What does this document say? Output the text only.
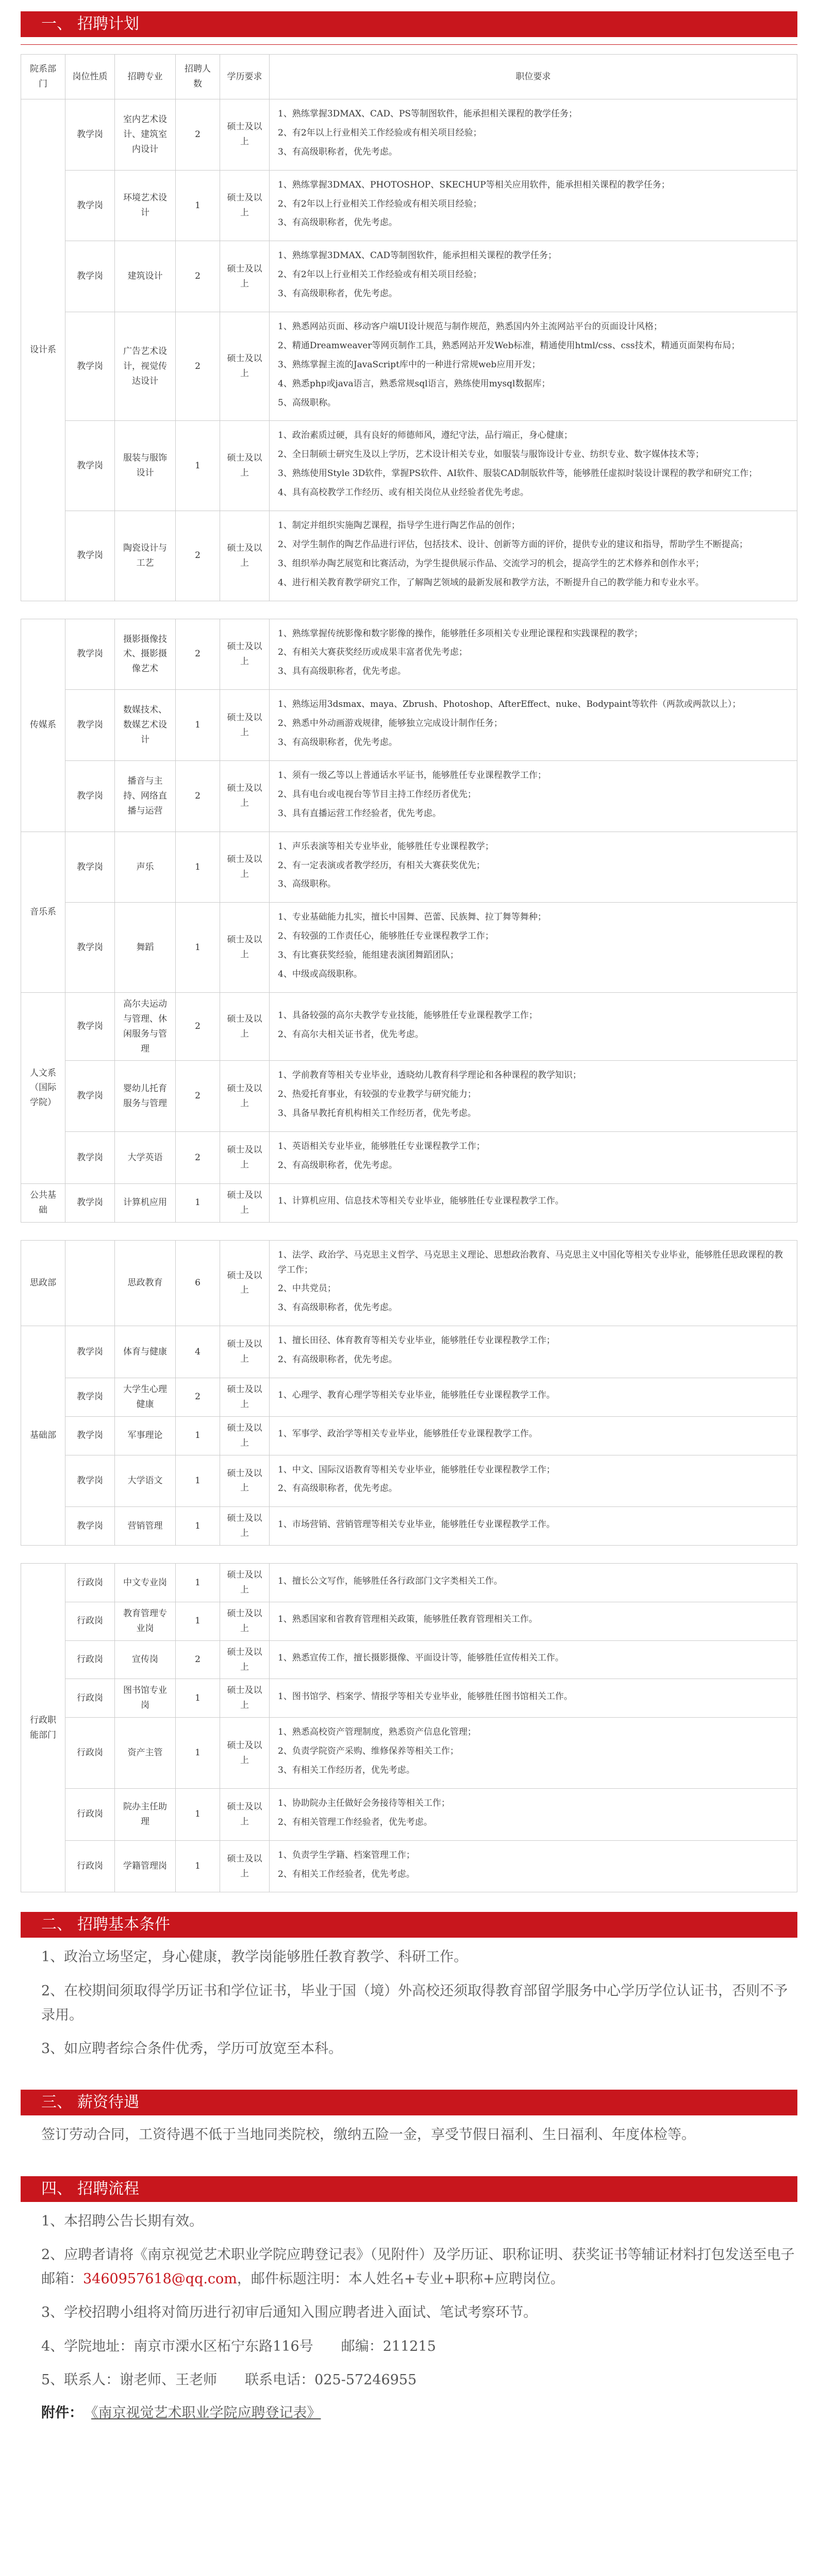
一、 招聘计划
院系部门	岗位性质	招聘专业	招聘人数	学历要求	职位要求
设计系	教学岗	室内艺术设计、建筑室内设计	2	硕士及以上	1、熟练掌握3DMAX、CAD、PS等制图软件，能承担相关课程的教学任务；
2、有2年以上行业相关工作经验或有相关项目经验；
3、有高级职称者，优先考虑。

	教学岗	环境艺术设计	1	硕士及以上	1、熟练掌握3DMAX、PHOTOSHOP、SKECHUP等相关应用软件，能承担相关课程的教学任务；
2、有2年以上行业相关工作经验或有相关项目经验；
3、有高级职称者，优先考虑。

	教学岗	建筑设计	2	硕士及以上	1、熟练掌握3DMAX、CAD等制图软件，能承担相关课程的教学任务；
2、有2年以上行业相关工作经验或有相关项目经验；
3、有高级职称者，优先考虑。

	教学岗	广告艺术设计，视觉传达设计	2	硕士及以上	1、熟悉网站页面、移动客户端UI设计规范与制作规范，熟悉国内外主流网站平台的页面设计风格；
2、精通Dreamweaver等网页制作工具，熟悉网站开发Web标准，精通使用html/css、css技术，精通页面架构布局；
3、熟练掌握主流的JavaScript库中的一种进行常规web应用开发；
4、熟悉php或java语言，熟悉常规sql语言，熟练使用mysql数据库；
5、高级职称。

	教学岗	服装与服饰设计	1	硕士及以上	1、政治素质过硬，具有良好的师德师风，遵纪守法，品行端正，身心健康；
2、全日制硕士研究生及以上学历，艺术设计相关专业，如服装与服饰设计专业、纺织专业、数字媒体技术等；
3、熟练使用Style 3D软件，掌握PS软件、AI软件、服装CAD制版软件等，能够胜任虚拟时装设计课程的教学和研究工作；
4、具有高校教学工作经历、或有相关岗位从业经验者优先考虑。

	教学岗	陶瓷设计与工艺	2	硕士及以上	1、制定并组织实施陶艺课程，指导学生进行陶艺作品的创作；
2、对学生制作的陶艺作品进行评估，包括技术、设计、创新等方面的评价，提供专业的建议和指导，帮助学生不断提高；
3、组织举办陶艺展览和比赛活动，为学生提供展示作品、交流学习的机会，提高学生的艺术修养和创作水平；
4、进行相关教育教学研究工作，了解陶艺领域的最新发展和教学方法，不断提升自己的教学能力和专业水平。

传媒系	教学岗	摄影摄像技术、摄影摄像艺术	2	硕士及以上	1、熟练掌握传统影像和数字影像的操作，能够胜任多项相关专业理论课程和实践课程的教学；
2、有相关大赛获奖经历或成果丰富者优先考虑；
3、具有高级职称者，优先考虑。

	教学岗	数媒技术、数媒艺术设计	1	硕士及以上	1、熟练运用3dsmax、maya、Zbrush、Photoshop、AfterEffect、nuke、Bodypaint等软件（两款或两款以上）；
2、熟悉中外动画游戏规律，能够独立完成设计制作任务；
3、有高级职称者，优先考虑。

	教学岗	播音与主持、网络直播与运营	2	硕士及以上	1、须有一级乙等以上普通话水平证书，能够胜任专业课程教学工作；
2、具有电台或电视台等节目主持工作经历者优先；
3、具有直播运营工作经验者，优先考虑。

音乐系	教学岗	声乐	1	硕士及以上	1、声乐表演等相关专业毕业，能够胜任专业课程教学；
2、有一定表演或者教学经历，有相关大赛获奖优先；
3、高级职称。

	教学岗	舞蹈	1	硕士及以上	1、专业基础能力扎实，擅长中国舞、芭蕾、民族舞、拉丁舞等舞种；
2、有较强的工作责任心，能够胜任专业课程教学工作；
3、有比赛获奖经验，能组建表演团舞蹈团队；
4、中级或高级职称。

人文系（国际学院）	教学岗	高尔夫运动与管理、休闲服务与管理	2	硕士及以上	1、具备较强的高尔夫教学专业技能，能够胜任专业课程教学工作；
2、有高尔夫相关证书者，优先考虑。

	教学岗	婴幼儿托育服务与管理	2	硕士及以上	1、学前教育等相关专业毕业，透晓幼儿教育科学理论和各种课程的教学知识；
2、热爱托育事业，有较强的专业教学与研究能力；
3、具备早教托育机构相关工作经历者，优先考虑。

	教学岗	大学英语	2	硕士及以上	1、英语相关专业毕业，能够胜任专业课程教学工作；
2、有高级职称者，优先考虑。

公共基础	教学岗	计算机应用	1	硕士及以上	1、计算机应用、信息技术等相关专业毕业，能够胜任专业课程教学工作。

思政部		思政教育	6	硕士及以上	1、法学、政治学、马克思主义哲学、马克思主义理论、思想政治教育、马克思主义中国化等相关专业毕业，能够胜任思政课程的教学工作；
2、中共党员；
3、有高级职称者，优先考虑。

基础部	教学岗	体育与健康	4	硕士及以上	1、擅长田径、体育教育等相关专业毕业，能够胜任专业课程教学工作；
2、有高级职称者，优先考虑。

	教学岗	大学生心理健康	2	硕士及以上	1、心理学、教育心理学等相关专业毕业，能够胜任专业课程教学工作。

	教学岗	军事理论	1	硕士及以上	1、军事学、政治学等相关专业毕业，能够胜任专业课程教学工作。

	教学岗	大学语文	1	硕士及以上	1、中文、国际汉语教育等相关专业毕业，能够胜任专业课程教学工作；
2、有高级职称者，优先考虑。

	教学岗	营销管理	1	硕士及以上	1、市场营销、营销管理等相关专业毕业，能够胜任专业课程教学工作。

行政职能部门	行政岗	中文专业岗	1	硕士及以上	1、擅长公文写作，能够胜任各行政部门文字类相关工作。

	行政岗	教育管理专业岗	1	硕士及以上	1、熟悉国家和省教育管理相关政策，能够胜任教育管理相关工作。

	行政岗	宣传岗	2	硕士及以上	1、熟悉宣传工作，擅长摄影摄像、平面设计等，能够胜任宣传相关工作。

	行政岗	图书馆专业岗	1	硕士及以上	1、图书馆学、档案学、情报学等相关专业毕业，能够胜任图书馆相关工作。

	行政岗	资产主管	1	硕士及以上	1、熟悉高校资产管理制度，熟悉资产信息化管理；
2、负责学院资产采购、维修保养等相关工作；
3、有相关工作经历者，优先考虑。

	行政岗	院办主任助理	1	硕士及以上	1、协助院办主任做好会务接待等相关工作；
2、有相关管理工作经验者，优先考虑。

	行政岗	学籍管理岗	1	硕士及以上	1、负责学生学籍、档案管理工作；
2、有相关工作经验者，优先考虑。
二、 招聘基本条件

1、政治立场坚定，身心健康，教学岗能够胜任教育教学、科研工作。

2、在校期间须取得学历证书和学位证书，毕业于国（境）外高校还须取得教育部留学服务中心学历学位认证书，否则不予录用。

3、如应聘者综合条件优秀，学历可放宽至本科。

三、 薪资待遇

签订劳动合同，工资待遇不低于当地同类院校，缴纳五险一金，享受节假日福利、生日福利、年度体检等。

四、 招聘流程

1、本招聘公告长期有效。

2、应聘者请将《南京视觉艺术职业学院应聘登记表》（见附件）及学历证、职称证明、获奖证书等辅证材料打包发送至电子邮箱：3460957618@qq.com，邮件标题注明：本人姓名+专业+职称+应聘岗位。

3、学校招聘小组将对简历进行初审后通知入围应聘者进入面试、笔试考察环节。

4、学院地址：南京市溧水区柘宁东路116号　　邮编：211215

5、联系人：谢老师、王老师　　联系电话：025-57246955

附件： 《南京视觉艺术职业学院应聘登记表》
